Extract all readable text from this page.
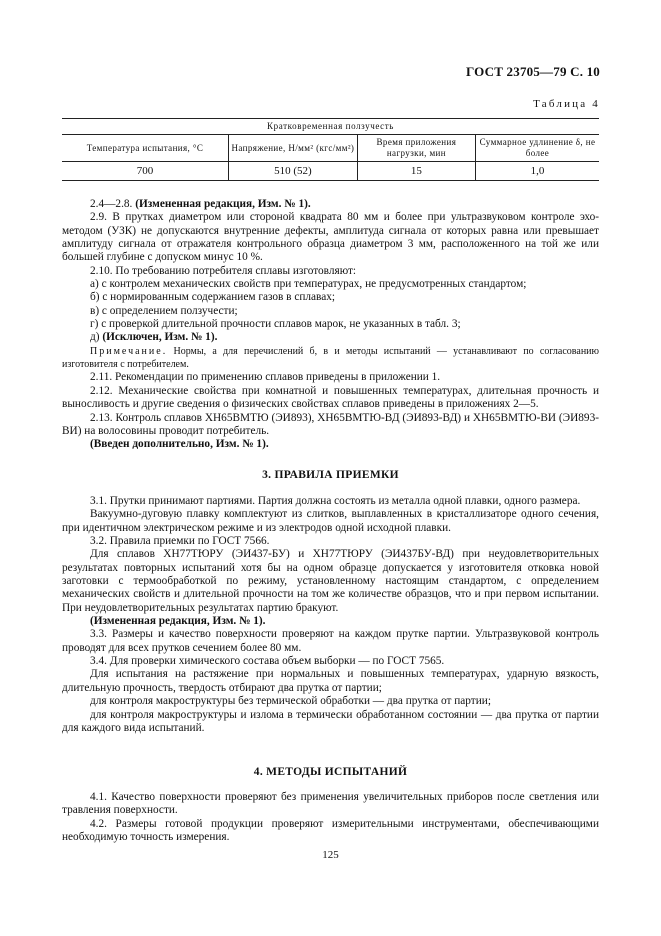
ГОСТ 23705—79 С. 10
Таблица 4
Кратковременная ползучесть			
Температура испытания, °С	Напряжение, Н/мм² (кгс/мм²)	Время приложения нагрузки, мин	Суммарное удлинение δ, не более
700	510 (52)	15	1,0

2.4—2.8. (Измененная редакция, Изм. № 1).

2.9. В прутках диаметром или стороной квадрата 80 мм и более при ультразвуковом контроле эхо-методом (УЗК) не допускаются внутренние дефекты, амплитуда сигнала от которых равна или превышает амплитуду сигнала от отражателя контрольного образца диаметром 3 мм, расположенного на той же или большей глубине с допуском минус 10 %.

2.10. По требованию потребителя сплавы изготовляют:

а) с контролем механических свойств при температурах, не предусмотренных стандартом;

б) с нормированным содержанием газов в сплавах;

в) с определением ползучести;

г) с проверкой длительной прочности сплавов марок, не указанных в табл. 3;

д) (Исключен, Изм. № 1).

Примечание. Нормы, а для перечислений б, в и методы испытаний — устанавливают по согласованию изготовителя с потребителем.

2.11. Рекомендации по применению сплавов приведены в приложении 1.

2.12. Механические свойства при комнатной и повышенных температурах, длительная прочность и выносливость и другие сведения о физических свойствах сплавов приведены в приложениях 2—5.

2.13. Контроль сплавов ХН65ВМТЮ (ЭИ893), ХН65ВМТЮ-ВД (ЭИ893-ВД) и ХН65ВМТЮ-ВИ (ЭИ893-ВИ) на волосовины проводит потребитель.

(Введен дополнительно, Изм. № 1).

3. ПРАВИЛА ПРИЕМКИ

3.1. Прутки принимают партиями. Партия должна состоять из металла одной плавки, одного размера.

Вакуумно-дуговую плавку комплектуют из слитков, выплавленных в кристаллизаторе одного сечения, при идентичном электрическом режиме и из электродов одной исходной плавки.

3.2. Правила приемки по ГОСТ 7566.

Для сплавов ХН77ТЮРУ (ЭИ437-БУ) и ХН77ТЮРУ (ЭИ437БУ-ВД) при неудовлетворительных результатах повторных испытаний хотя бы на одном образце допускается у изготовителя отковка новой заготовки с термообработкой по режиму, установленному настоящим стандартом, с определением механических свойств и длительной прочности на том же количестве образцов, что и при первом испытании. При неудовлетворительных результатах партию бракуют.

(Измененная редакция, Изм. № 1).

3.3. Размеры и качество поверхности проверяют на каждом прутке партии. Ультразвуковой контроль проводят для всех прутков сечением более 80 мм.

3.4. Для проверки химического состава объем выборки — по ГОСТ 7565.

Для испытания на растяжение при нормальных и повышенных температурах, ударную вязкость, длительную прочность, твердость отбирают два прутка от партии;

для контроля макроструктуры без термической обработки — два прутка от партии;

для контроля макроструктуры и излома в термически обработанном состоянии — два прутка от партии для каждого вида испытаний.

4. МЕТОДЫ ИСПЫТАНИЙ

4.1. Качество поверхности проверяют без применения увеличительных приборов после светления или травления поверхности.

4.2. Размеры готовой продукции проверяют измерительными инструментами, обеспечивающими необходимую точность измерения.

125
